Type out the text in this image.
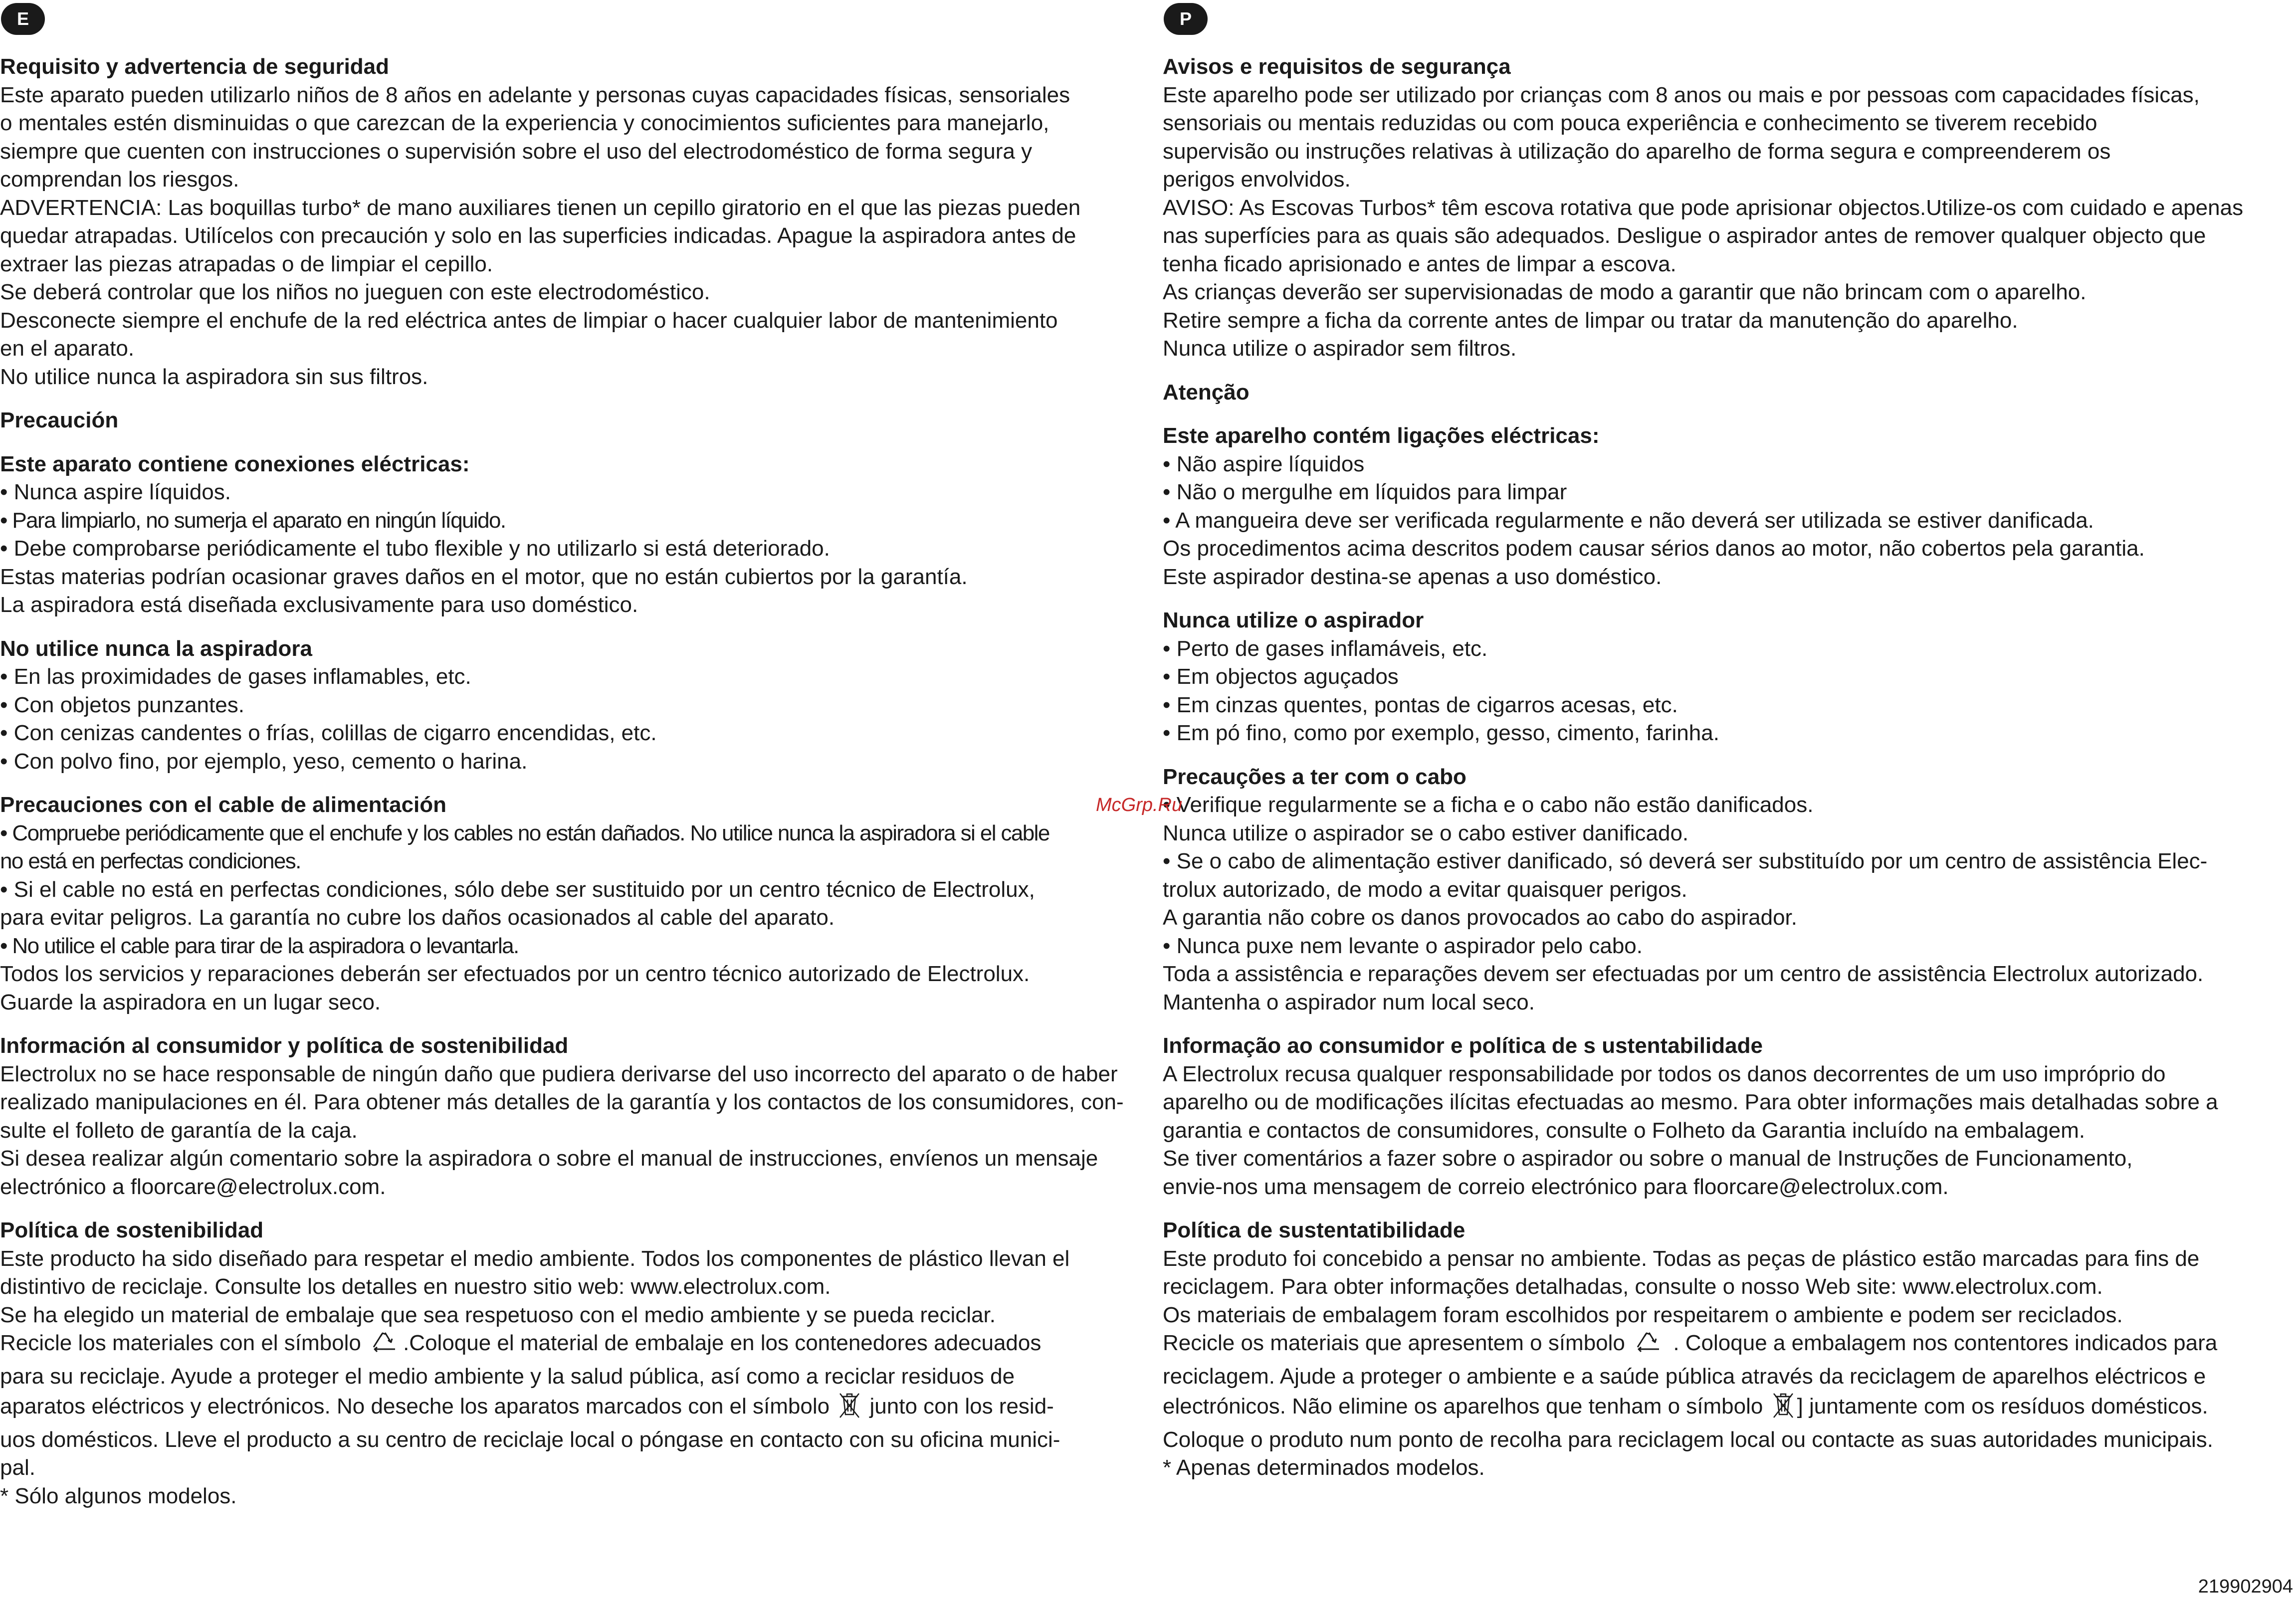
E
Requisito y advertencia de seguridad
Este aparato pueden utilizarlo niños de 8 años en adelante y personas cuyas capacidades físicas, sensoriales
o mentales estén disminuidas o que carezcan de la experiencia y conocimientos suficientes para manejarlo,
siempre que cuenten con instrucciones o supervisión sobre el uso del electrodoméstico de forma segura y
comprendan los riesgos.
ADVERTENCIA: Las boquillas turbo* de mano auxiliares tienen un cepillo giratorio en el que las piezas pueden
quedar atrapadas. Utilícelos con precaución y solo en las superficies indicadas. Apague la aspiradora antes de
extraer las piezas atrapadas o de limpiar el cepillo.
Se deberá controlar que los niños no jueguen con este electrodoméstico.
Desconecte siempre el enchufe de la red eléctrica antes de limpiar o hacer cualquier labor de mantenimiento
en el aparato.
No utilice nunca la aspiradora sin sus filtros.
Precaución
Este aparato contiene conexiones eléctricas:
• Nunca aspire líquidos.
• Para limpiarlo, no sumerja el aparato en ningún líquido.
• Debe comprobarse periódicamente el tubo flexible y no utilizarlo si está deteriorado.
Estas materias podrían ocasionar graves daños en el motor, que no están cubiertos por la garantía.
La aspiradora está diseñada exclusivamente para uso doméstico.
No utilice nunca la aspiradora
• En las proximidades de gases inflamables, etc.
• Con objetos punzantes.
• Con cenizas candentes o frías, colillas de cigarro encendidas, etc.
• Con polvo fino, por ejemplo, yeso, cemento o harina.
Precauciones con el cable de alimentación
• Compruebe periódicamente que el enchufe y los cables no están dañados. No utilice nunca la aspiradora si el cable
no está en perfectas condiciones.
• Si el cable no está en perfectas condiciones, sólo debe ser sustituido por un centro técnico de Electrolux,
para evitar peligros. La garantía no cubre los daños ocasionados al cable del aparato.
• No utilice el cable para tirar de la aspiradora o levantarla.
Todos los servicios y reparaciones deberán ser efectuados por un centro técnico autorizado de Electrolux.
Guarde la aspiradora en un lugar seco.
Información al consumidor y política de sostenibilidad
Electrolux no se hace responsable de ningún daño que pudiera derivarse del uso incorrecto del aparato o de haber
realizado manipulaciones en él. Para obtener más detalles de la garantía y los contactos de los consumidores, con-
sulte el folleto de garantía de la caja.
Si desea realizar algún comentario sobre la aspiradora o sobre el manual de instrucciones, envíenos un mensaje
electrónico a floorcare@electrolux.com.
Política de sostenibilidad
Este producto ha sido diseñado para respetar el medio ambiente. Todos los componentes de plástico llevan el
distintivo de reciclaje. Consulte los detalles en nuestro sitio web: www.electrolux.com.
Se ha elegido un material de embalaje que sea respetuoso con el medio ambiente y se pueda reciclar.
Recicle los materiales con el símbolo .Coloque el material de embalaje en los contenedores adecuados
para su reciclaje. Ayude a proteger el medio ambiente y la salud pública, así como a reciclar residuos de
aparatos eléctricos y electrónicos. No deseche los aparatos marcados con el símbolo  junto con los resid-
uos domésticos. Lleve el producto a su centro de reciclaje local o póngase en contacto con su oficina munici-
pal.
* Sólo algunos modelos.
P
Avisos e requisitos de segurança
Este aparelho pode ser utilizado por crianças com 8 anos ou mais e por pessoas com capacidades físicas,
sensoriais ou mentais reduzidas ou com pouca experiência e conhecimento se tiverem recebido
supervisão ou instruções relativas à utilização do aparelho de forma segura e compreenderem os
perigos envolvidos.
AVISO: As Escovas Turbos* têm escova rotativa que pode aprisionar objectos.Utilize-os com cuidado e apenas
nas superfícies para as quais são adequados. Desligue o aspirador antes de remover qualquer objecto que
tenha ficado aprisionado e antes de limpar a escova.
As crianças deverão ser supervisionadas de modo a garantir que não brincam com o aparelho.
Retire sempre a ficha da corrente antes de limpar ou tratar da manutenção do aparelho.
Nunca utilize o aspirador sem filtros.
Atenção
Este aparelho contém ligações eléctricas:
• Não aspire líquidos
• Não o mergulhe em líquidos para limpar
• A mangueira deve ser verificada regularmente e não deverá ser utilizada se estiver danificada.
Os procedimentos acima descritos podem causar sérios danos ao motor, não cobertos pela garantia.
Este aspirador destina-se apenas a uso doméstico.
Nunca utilize o aspirador
• Perto de gases inflamáveis, etc.
• Em objectos aguçados
• Em cinzas quentes, pontas de cigarros acesas, etc.
• Em pó fino, como por exemplo, gesso, cimento, farinha.
Precauções a ter com o cabo
• Verifique regularmente se a ficha e o cabo não estão danificados.
Nunca utilize o aspirador se o cabo estiver danificado.
• Se o cabo de alimentação estiver danificado, só deverá ser substituído por um centro de assistência Elec-
trolux autorizado, de modo a evitar quaisquer perigos.
A garantia não cobre os danos provocados ao cabo do aspirador.
• Nunca puxe nem levante o aspirador pelo cabo.
Toda a assistência e reparações devem ser efectuadas por um centro de assistência Electrolux autorizado.
Mantenha o aspirador num local seco.
Informação ao consumidor e política de s ustentabilidade
A Electrolux recusa qualquer responsabilidade por todos os danos decorrentes de um uso impróprio do
aparelho ou de modificações ilícitas efectuadas ao mesmo. Para obter informações mais detalhadas sobre a
garantia e contactos de consumidores, consulte o Folheto da Garantia incluído na embalagem.
Se tiver comentários a fazer sobre o aspirador ou sobre o manual de Instruções de Funcionamento,
envie-nos uma mensagem de correio electrónico para floorcare@electrolux.com.
Política de sustentatibilidade
Este produto foi concebido a pensar no ambiente. Todas as peças de plástico estão marcadas para fins de
reciclagem. Para obter informações detalhadas, consulte o nosso Web site: www.electrolux.com.
Os materiais de embalagem foram escolhidos por respeitarem o ambiente e podem ser reciclados.
Recicle os materiais que apresentem o símbolo  . Coloque a embalagem nos contentores indicados para
reciclagem. Ajude a proteger o ambiente e a saúde pública através da reciclagem de aparelhos eléctricos e
electrónicos. Não elimine os aparelhos que tenham o símbolo ] juntamente com os resíduos domésticos.
Coloque o produto num ponto de recolha para reciclagem local ou contacte as suas autoridades municipais.
* Apenas determinados modelos.
McGrp.Ru
219902904
